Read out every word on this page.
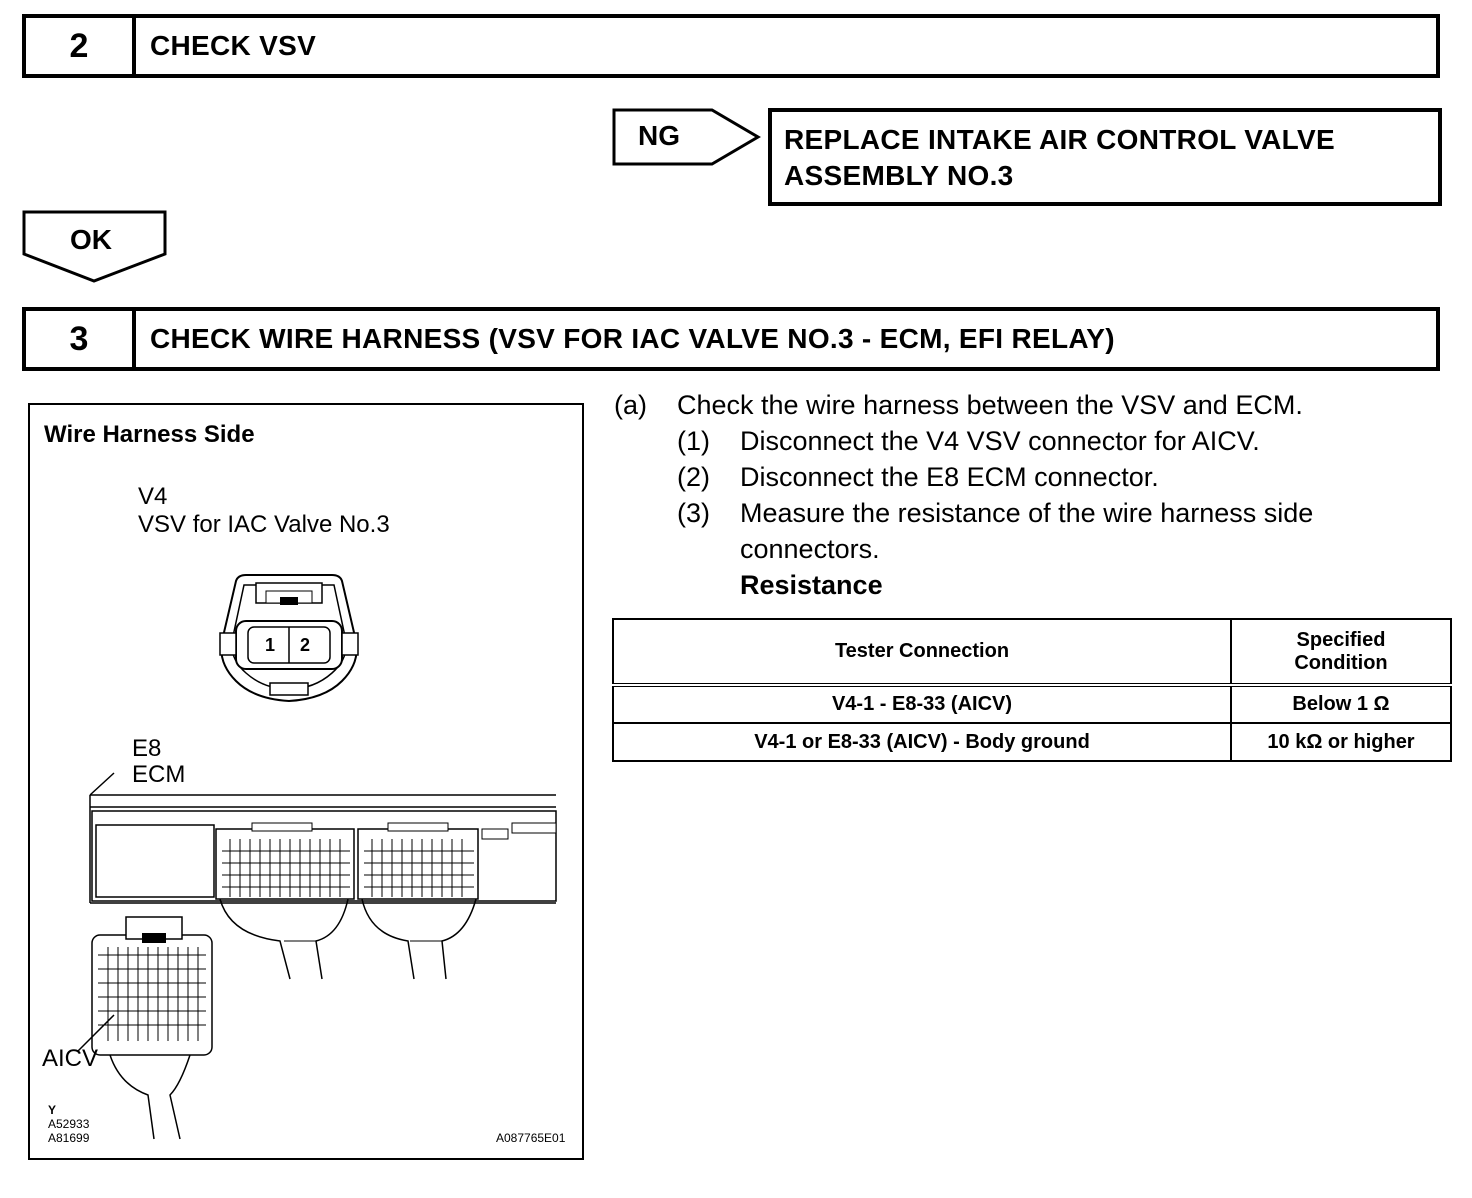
2	CHECK VSV
NG	REPLACE INTAKE AIR CONTROL VALVE
ASSEMBLY NO.3
OK
3	CHECK WIRE HARNESS (VSV FOR IAC VALVE NO.3 - ECM, EFI RELAY)
Wire Harness Side
V4
VSV for IAC Valve No.3
1 2
E8
ECM
AICV
Y
A52933
A81699	A087765E01
(a) Check the wire harness between the VSV and ECM.
(1) Disconnect the V4 VSV connector for AICV.
(2) Disconnect the E8 ECM connector.
(3) Measure the resistance of the wire harness side
connectors.
Resistance
Tester Connection	Specified
Condition

V4-1 - E8-33 (AICV)	Below 1 Ω
V4-1 or E8-33 (AICV) - Body ground	10 kΩ or higher
